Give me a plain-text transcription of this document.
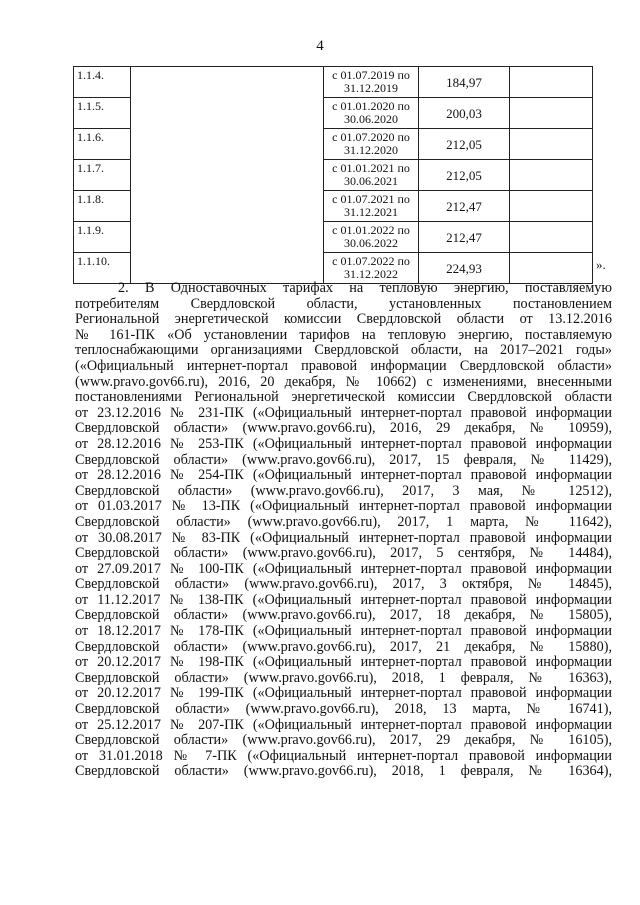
4
1.1.4.		с 01.07.2019 по
31.12.2019	184,97	
1.1.5.		с 01.01.2020 по
30.06.2020	200,03	
1.1.6.		с 01.07.2020 по
31.12.2020	212,05	
1.1.7.		с 01.01.2021 по
30.06.2021	212,05	
1.1.8.		с 01.07.2021 по
31.12.2021	212,47	
1.1.9.		с 01.01.2022 по
30.06.2022	212,47	
1.1.10.		с 01.07.2022 по
31.12.2022	224,93		».

2. В Одноставочных тарифах на тепловую энергию, поставляемую

потребителям Свердловской области, установленных постановлением

Региональной энергетической комиссии Свердловской области от 13.12.2016

№ 161-ПК «Об установлении тарифов на тепловую энергию, поставляемую

теплоснабжающими организациями Свердловской области, на 2017–2021 годы»

(«Официальный интернет-портал правовой информации Свердловской области»

(www.pravo.gov66.ru), 2016, 20 декабря, № 10662) с изменениями, внесенными

постановлениями Региональной энергетической комиссии Свердловской области

от 23.12.2016 № 231-ПК («Официальный интернет-портал правовой информации

Свердловской области» (www.pravo.gov66.ru), 2016, 29 декабря, № 10959),

от 28.12.2016 № 253-ПК («Официальный интернет-портал правовой информации

Свердловской области» (www.pravo.gov66.ru), 2017, 15 февраля, № 11429),

от 28.12.2016 № 254-ПК («Официальный интернет-портал правовой информации

Свердловской области» (www.pravo.gov66.ru), 2017, 3 мая, № 12512),

от 01.03.2017 № 13-ПК («Официальный интернет-портал правовой информации

Свердловской области» (www.pravo.gov66.ru), 2017, 1 марта, № 11642),

от 30.08.2017 № 83-ПК («Официальный интернет-портал правовой информации

Свердловской области» (www.pravo.gov66.ru), 2017, 5 сентября, № 14484),

от 27.09.2017 № 100-ПК («Официальный интернет-портал правовой информации

Свердловской области» (www.pravo.gov66.ru), 2017, 3 октября, № 14845),

от 11.12.2017 № 138-ПК («Официальный интернет-портал правовой информации

Свердловской области» (www.pravo.gov66.ru), 2017, 18 декабря, № 15805),

от 18.12.2017 № 178-ПК («Официальный интернет-портал правовой информации

Свердловской области» (www.pravo.gov66.ru), 2017, 21 декабря, № 15880),

от 20.12.2017 № 198-ПК («Официальный интернет-портал правовой информации

Свердловской области» (www.pravo.gov66.ru), 2018, 1 февраля, № 16363),

от 20.12.2017 № 199-ПК («Официальный интернет-портал правовой информации

Свердловской области» (www.pravo.gov66.ru), 2018, 13 марта, № 16741),

от 25.12.2017 № 207-ПК («Официальный интернет-портал правовой информации

Свердловской области» (www.pravo.gov66.ru), 2017, 29 декабря, № 16105),

от 31.01.2018 № 7-ПК («Официальный интернет-портал правовой информации

Свердловской области» (www.pravo.gov66.ru), 2018, 1 февраля, № 16364),
